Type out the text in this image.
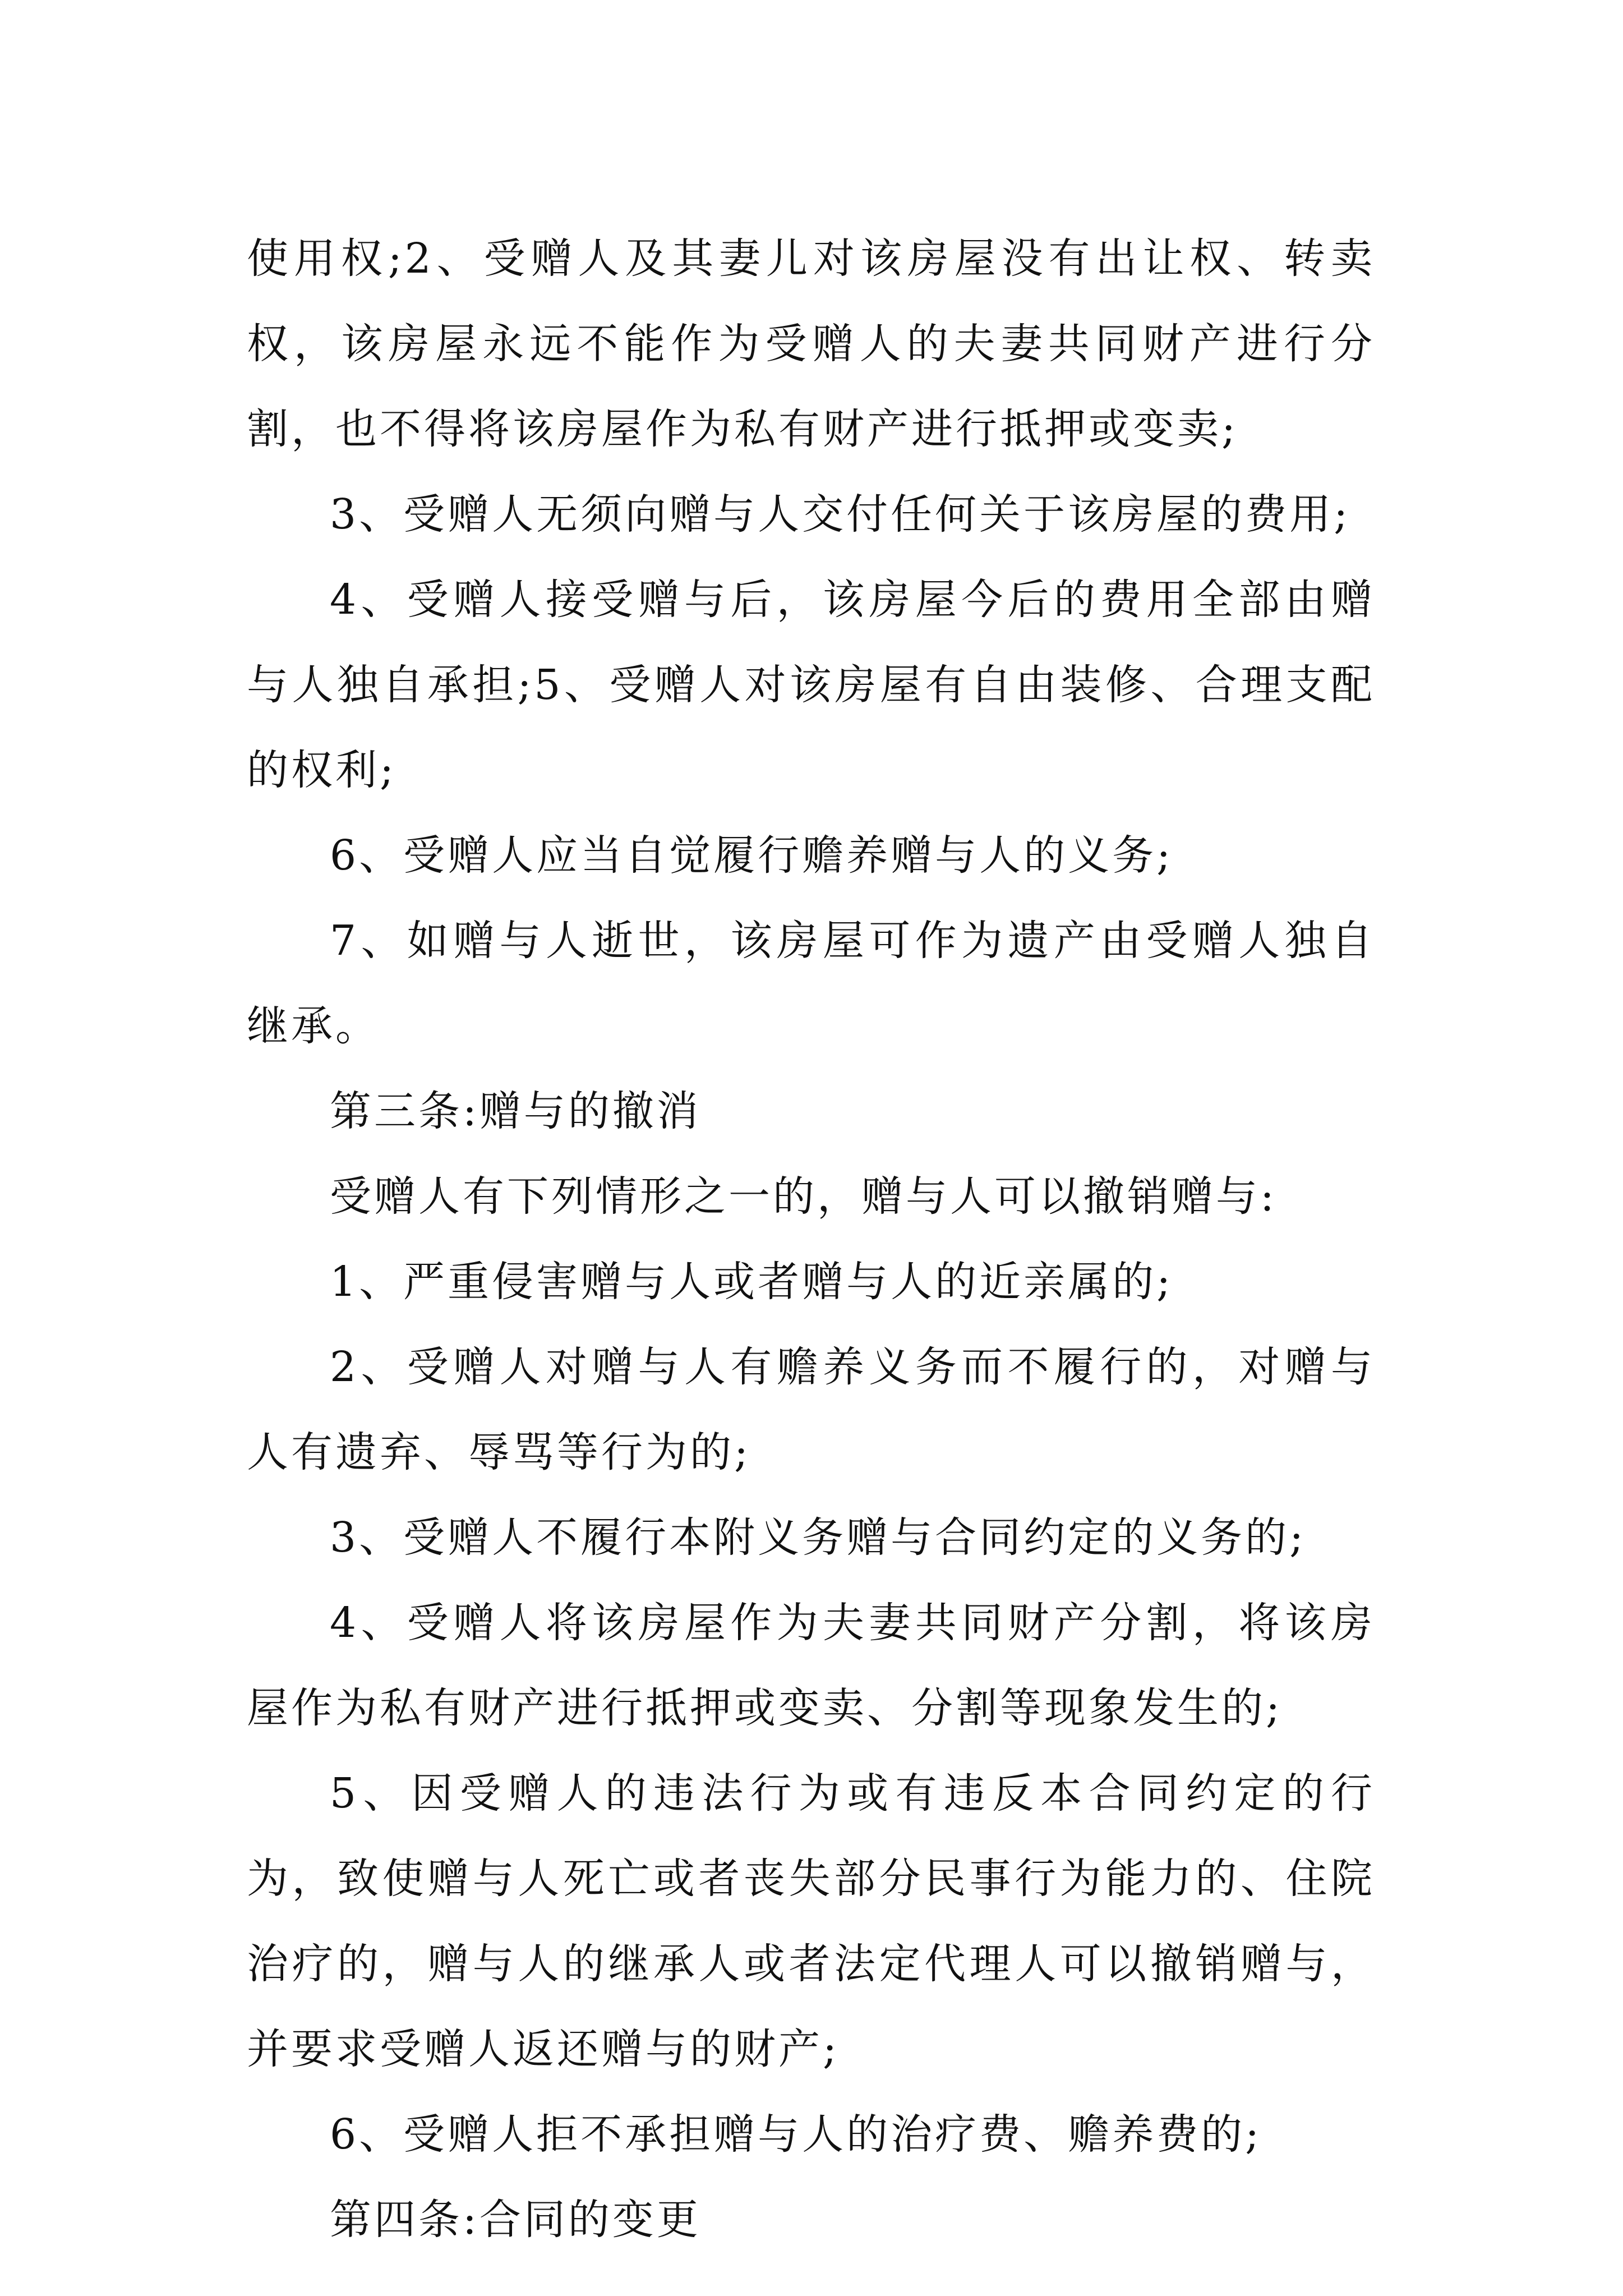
使用权;2、受赠人及其妻儿对该房屋没有出让权、转卖权，该房屋永远不能作为受赠人的夫妻共同财产进行分割，也不得将该房屋作为私有财产进行抵押或变卖;

3、受赠人无须向赠与人交付任何关于该房屋的费用;

4、受赠人接受赠与后，该房屋今后的费用全部由赠与人独自承担;5、受赠人对该房屋有自由装修、合理支配的权利;

6、受赠人应当自觉履行赡养赠与人的义务;

7、如赠与人逝世，该房屋可作为遗产由受赠人独自继承。

第三条:赠与的撤消

受赠人有下列情形之一的，赠与人可以撤销赠与:

1、严重侵害赠与人或者赠与人的近亲属的;

2、受赠人对赠与人有赡养义务而不履行的，对赠与人有遗弃、辱骂等行为的;

3、受赠人不履行本附义务赠与合同约定的义务的;

4、受赠人将该房屋作为夫妻共同财产分割，将该房屋作为私有财产进行抵押或变卖、分割等现象发生的;

5、因受赠人的违法行为或有违反本合同约定的行为，致使赠与人死亡或者丧失部分民事行为能力的、住院治疗的，赠与人的继承人或者法定代理人可以撤销赠与，并要求受赠人返还赠与的财产;

6、受赠人拒不承担赠与人的治疗费、赡养费的;

第四条:合同的变更
